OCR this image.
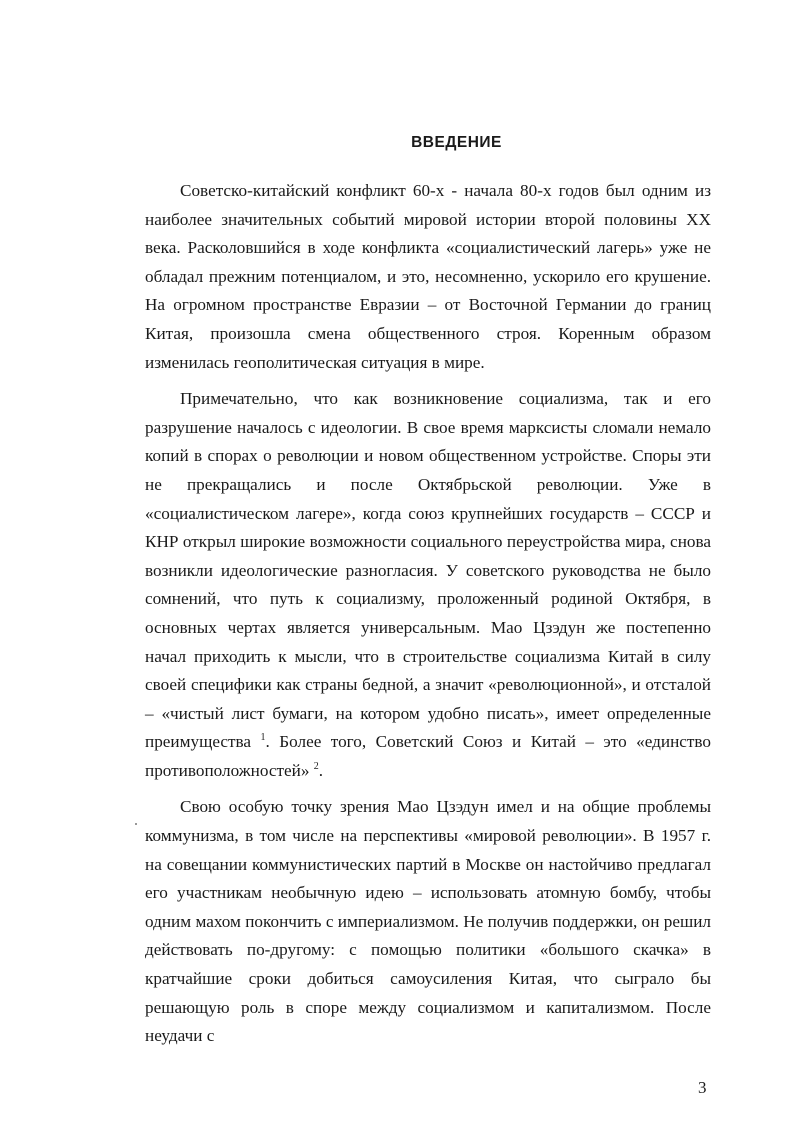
ВВЕДЕНИЕ

Советско-китайский конфликт 60-х - начала 80-х годов был одним из наиболее значительных событий мировой истории второй половины XX века. Расколовшийся в ходе конфликта «социалистический лагерь» уже не обладал прежним потенциалом, и это, несомненно, ускорило его крушение. На огромном пространстве Евразии – от Восточной Германии до границ Китая, произошла смена общественного строя. Коренным образом изменилась геополитическая ситуация в мире.

Примечательно, что как возникновение социализма, так и его разрушение началось с идеологии. В свое время марксисты сломали немало копий в спорах о революции и новом общественном устройстве. Споры эти не прекращались и после Октябрьской революции. Уже в «социалистическом лагере», когда союз крупнейших государств – СССР и КНР открыл широкие возможности социального переустройства мира, снова возникли идеологические разногласия. У советского руководства не было сомнений, что путь к социализму, проложенный родиной Октября, в основных чертах является универсальным. Мао Цзэдун же постепенно начал приходить к мысли, что в строительстве социализма Китай в силу своей специфики как страны бедной, а значит «революционной», и отсталой – «чистый лист бумаги, на котором удобно писать», имеет определенные преимущества $^1$. Более того, Советский Союз и Китай – это «единство противоположностей» $^2$.

Свою особую точку зрения Мао Цзэдун имел и на общие проблемы коммунизма, в том числе на перспективы «мировой революции». В 1957 г. на совещании коммунистических партий в Москве он настойчиво предлагал его участникам необычную идею – использовать атомную бомбу, чтобы одним махом покончить с империализмом. Не получив поддержки, он решил действовать по-другому: с помощью политики «большого скачка» в кратчайшие сроки добиться самоусиления Китая, что сыграло бы решающую роль в споре между социализмом и капитализмом. После неудачи с

3
